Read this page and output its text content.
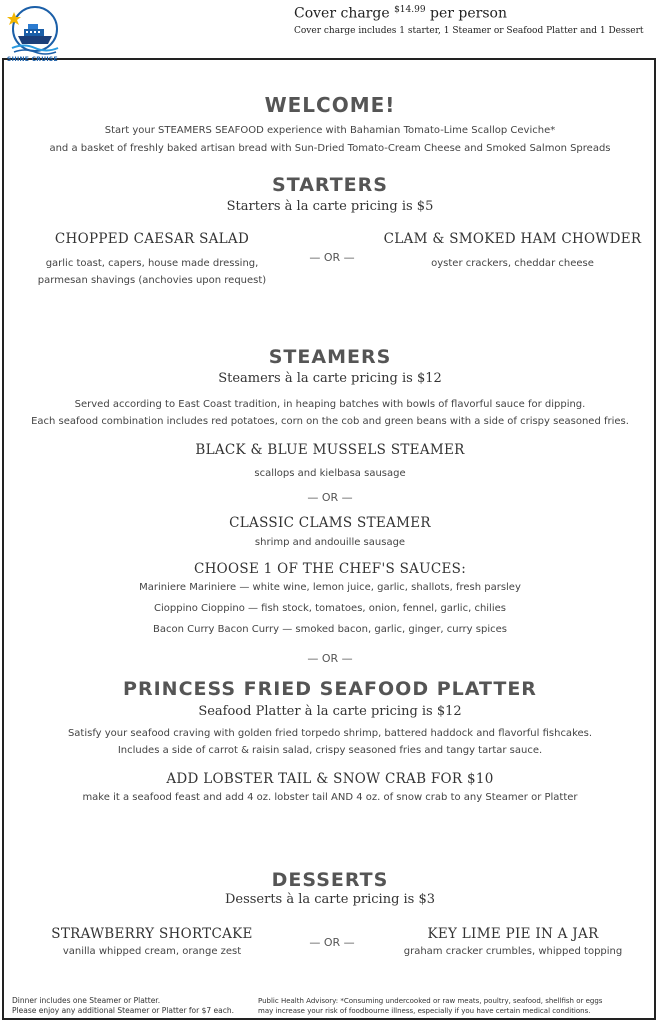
SHINE CRUISE
Cover charge $^{\$14.99}$ per person
Cover charge includes 1 starter, 1 Steamer or Seafood Platter and 1 Dessert
WELCOME!
Start your STEAMERS SEAFOOD experience with Bahamian Tomato-Lime Scallop Ceviche*
and a basket of freshly baked artisan bread with Sun-Dried Tomato-Cream Cheese and Smoked Salmon Spreads
STARTERS
Starters à la carte pricing is $5
CHOPPED CAESAR SALAD
garlic toast, capers, house made dressing,
parmesan shavings (anchovies upon request)
— OR —
CLAM & SMOKED HAM CHOWDER
oyster crackers, cheddar cheese
STEAMERS
Steamers à la carte pricing is $12
Served according to East Coast tradition, in heaping batches with bowls of flavorful sauce for dipping.
Each seafood combination includes red potatoes, corn on the cob and green beans with a side of crispy seasoned fries.
BLACK & BLUE MUSSELS STEAMER
scallops and kielbasa sausage
— OR —
CLASSIC CLAMS STEAMER
shrimp and andouille sausage
CHOOSE 1 OF THE CHEF'S SAUCES:
Mariniere Mariniere — white wine, lemon juice, garlic, shallots, fresh parsley
Cioppino Cioppino — fish stock, tomatoes, onion, fennel, garlic, chilies
Bacon Curry Bacon Curry — smoked bacon, garlic, ginger, curry spices
— OR —
PRINCESS FRIED SEAFOOD PLATTER
Seafood Platter à la carte pricing is $12
Satisfy your seafood craving with golden fried torpedo shrimp, battered haddock and flavorful fishcakes.
Includes a side of carrot & raisin salad, crispy seasoned fries and tangy tartar sauce.
ADD LOBSTER TAIL & SNOW CRAB FOR $10
make it a seafood feast and add 4 oz. lobster tail AND 4 oz. of snow crab to any Steamer or Platter
DESSERTS
Desserts à la carte pricing is $3
STRAWBERRY SHORTCAKE
vanilla whipped cream, orange zest
— OR —
KEY LIME PIE IN A JAR
graham cracker crumbles, whipped topping
Dinner includes one Steamer or Platter.
Please enjoy any additional Steamer or Platter for $7 each.
Public Health Advisory: *Consuming undercooked or raw meats, poultry, seafood, shellfish or eggs
may increase your risk of foodbourne illness, especially if you have certain medical conditions.
